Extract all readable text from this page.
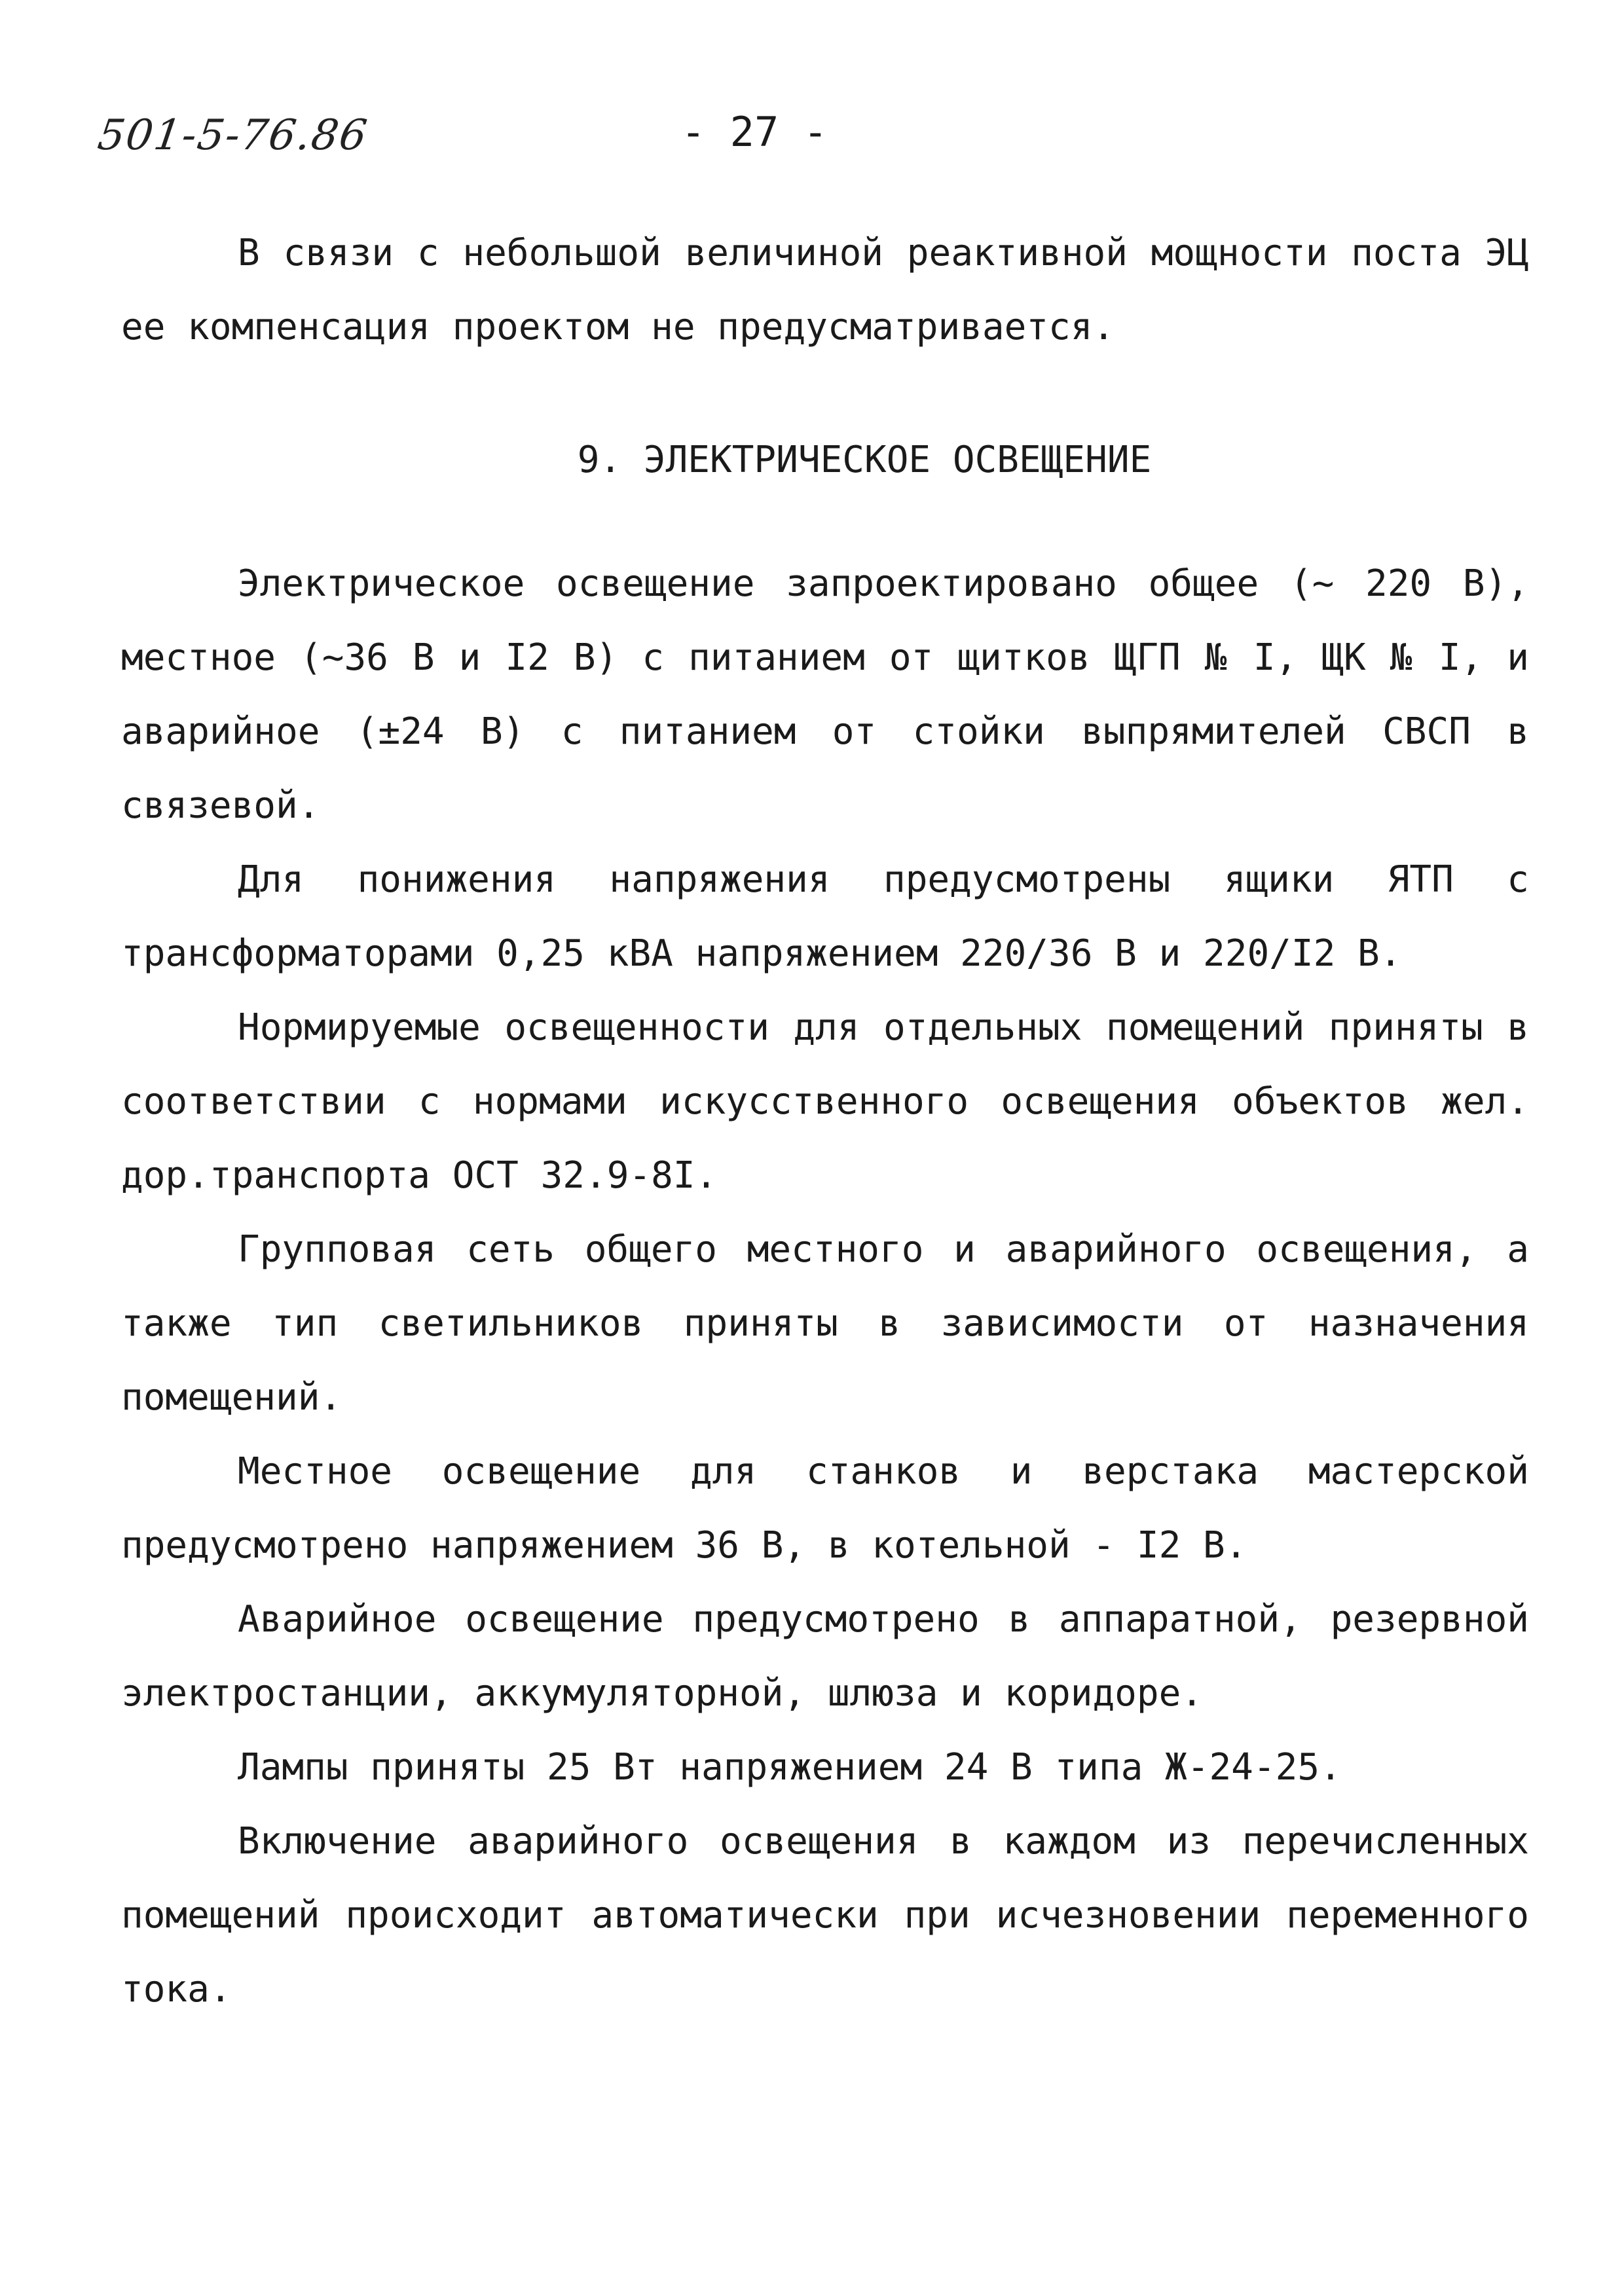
501-5-76.86	- 27 -

В связи с небольшой величиной реактивной мощности поста ЭЦ ее компенсация проектом не предусматривается.

9. ЭЛЕКТРИЧЕСКОЕ ОСВЕЩЕНИЕ

Электрическое освещение запроектировано общее (~ 220 В), местное (~36 В и I2 В) с питанием от щитков ЩГП № I, ЩК № I, и аварийное (±24 В) с питанием от стойки выпрямителей СВСП в связевой.

Для понижения напряжения предусмотрены ящики ЯТП с трансформаторами 0,25 кВА напряжением 220/36 В и 220/I2 В.

Нормируемые освещенности для отдельных помещений приняты в соответствии с нормами искусственного освещения объектов жел. дор.транспорта ОСТ 32.9-8I.

Групповая сеть общего местного и аварийного освещения, а также тип светильников приняты в зависимости от назначения помещений.

Местное освещение для станков и верстака мастерской предусмотрено напряжением 36 В, в котельной - I2 В.

Аварийное освещение предусмотрено в аппаратной, резервной электростанции, аккумуляторной, шлюза и коридоре.

Лампы приняты 25 Вт напряжением 24 В типа Ж-24-25.

Включение аварийного освещения в каждом из перечисленных помещений происходит автоматически при исчезновении переменного тока.
